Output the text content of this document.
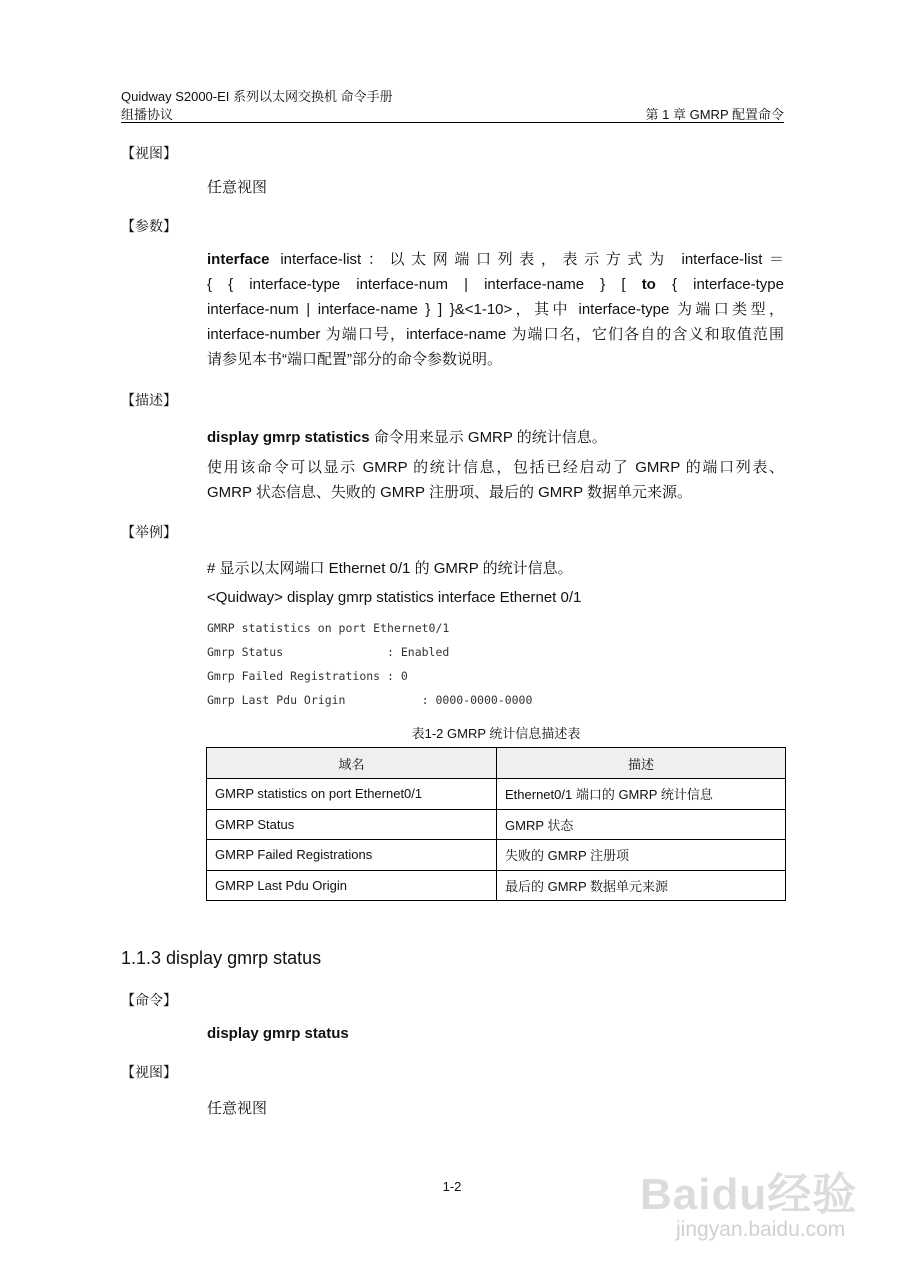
Quidway S2000-EI 系列以太网交换机 命令手册
组播协议	第 1 章 GMRP 配置命令
【视图】
任意视图
【参数】
interface interface-list：以太网端口列表，表示方式为 interface-list＝
{ { interface-type interface-num | interface-name } [ to { interface-type
interface-num | interface-name } ] }&<1-10>，其中 interface-type 为端口类型，
interface-number 为端口号，interface-name 为端口名，它们各自的含义和取值范围
请参见本书“端口配置”部分的命令参数说明。
【描述】
display gmrp statistics 命令用来显示 GMRP 的统计信息。
使用该命令可以显示 GMRP 的统计信息，包括已经启动了 GMRP 的端口列表、
GMRP 状态信息、失败的 GMRP 注册项、最后的 GMRP 数据单元来源。
【举例】
# 显示以太网端口 Ethernet 0/1 的 GMRP 的统计信息。
<Quidway> display gmrp statistics interface Ethernet 0/1
GMRP statistics on port Ethernet0/1
Gmrp Status               : Enabled
Gmrp Failed Registrations : 0
Gmrp Last Pdu Origin           : 0000-0000-0000
表1-2 GMRP 统计信息描述表
域名	描述
GMRP statistics on port Ethernet0/1	Ethernet0/1 端口的 GMRP 统计信息
GMRP Status	GMRP 状态
GMRP Failed Registrations	失败的 GMRP 注册项
GMRP Last Pdu Origin	最后的 GMRP 数据单元来源
1.1.3 display gmrp status
【命令】
display gmrp status
【视图】
任意视图
1-2	Baidu经验
jingyan.baidu.com
